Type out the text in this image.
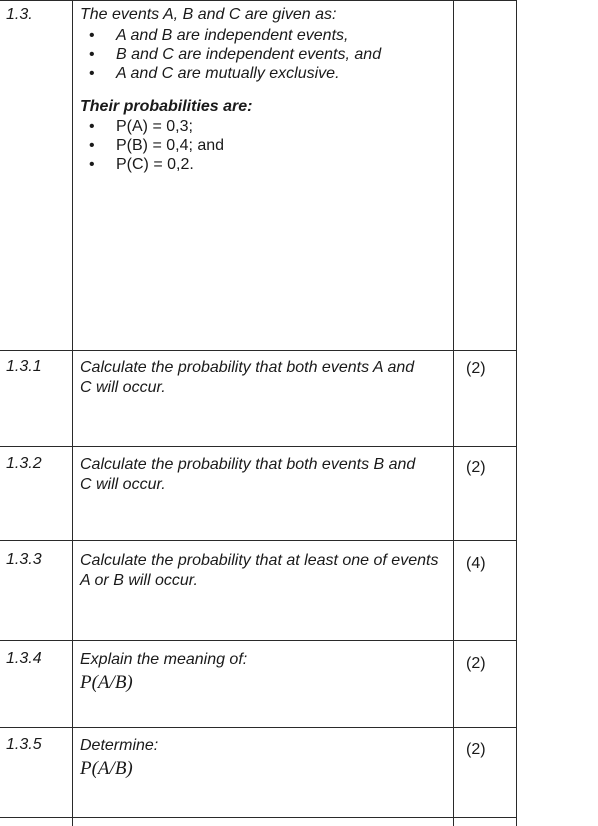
1.3.	The events A, B and C are given as:
• A and B are independent events,
• B and C are independent events, and
• A and C are mutually exclusive.
Their probabilities are:
• P(A) = 0,3;
• P(B) = 0,4; and
• P(C) = 0,2.
1.3.1	Calculate the probability that both events A and C will occur.
(2)
1.3.2	Calculate the probability that both events B and C will occur.
(2)
1.3.3	Calculate the probability that at least one of events A or B will occur.
(4)
1.3.4	Explain the meaning of:
P(A/B)
(2)
1.3.5	Determine:
P(A/B)
(2)
